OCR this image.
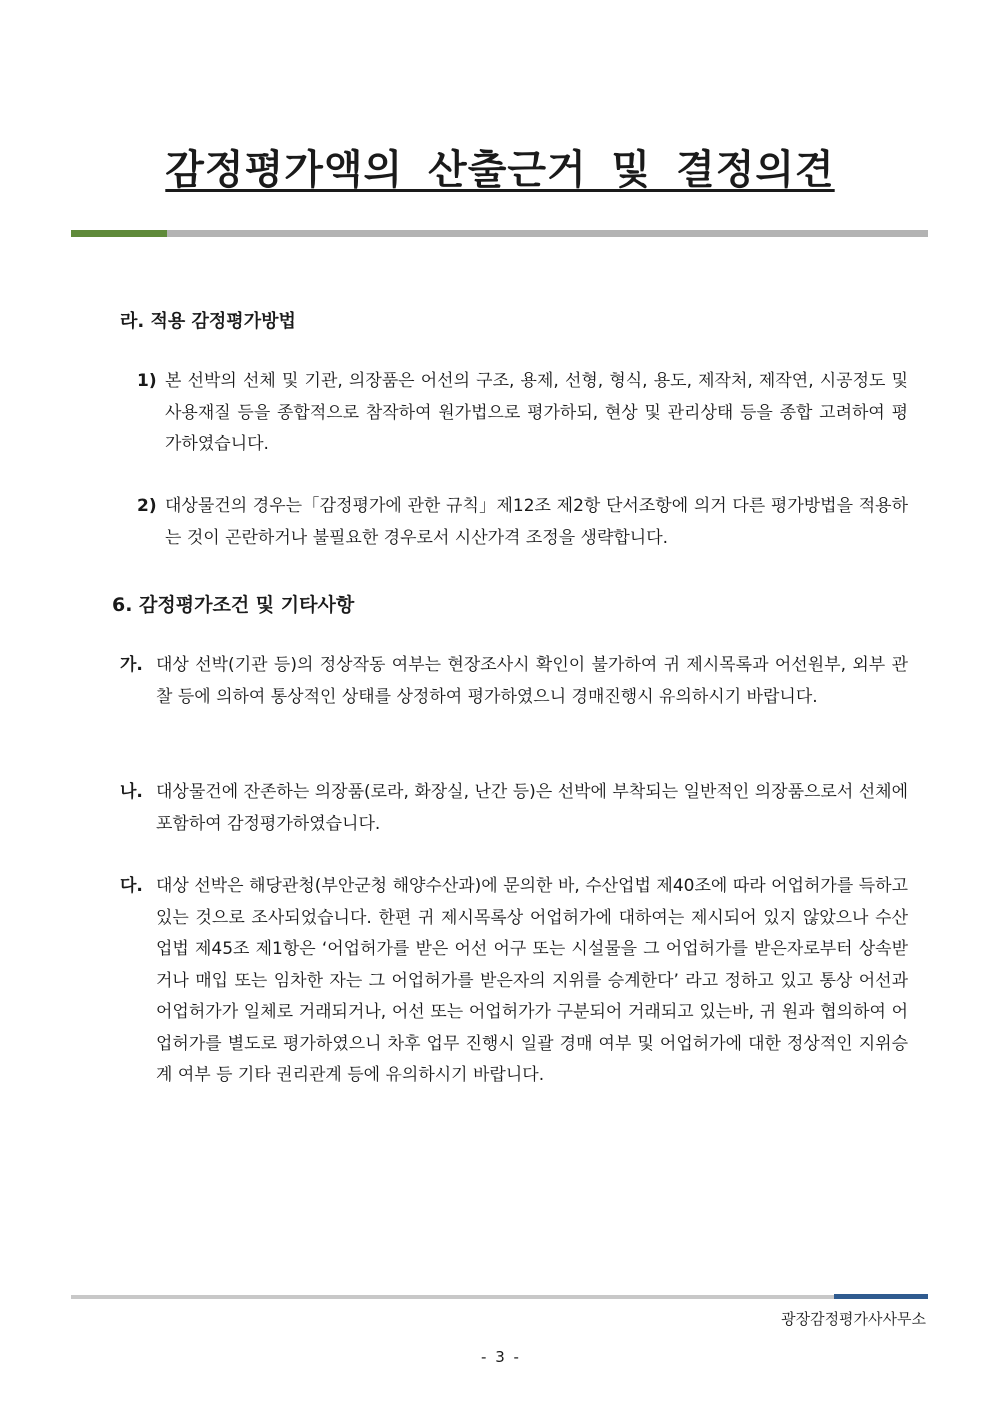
감정평가액의 산출근거 및 결정의견
라. 적용 감정평가방법
1) 본 선박의 선체 및 기관, 의장품은 어선의 구조, 용제, 선형, 형식, 용도, 제작처, 제작연, 시공정도 및 사용재질 등을 종합적으로 참작하여 원가법으로 평가하되, 현상 및 관리상태 등을 종합 고려하여 평가하였습니다.
2) 대상물건의 경우는「감정평가에 관한 규칙」제12조 제2항 단서조항에 의거 다른 평가방법을 적용하는 것이 곤란하거나 불필요한 경우로서 시산가격 조정을 생략합니다.
6. 감정평가조건 및 기타사항
가. 대상 선박(기관 등)의 정상작동 여부는 현장조사시 확인이 불가하여 귀 제시목록과 어선원부, 외부 관찰 등에 의하여 통상적인 상태를 상정하여 평가하였으니 경매진행시 유의하시기 바랍니다.
나. 대상물건에 잔존하는 의장품(로라, 화장실, 난간 등)은 선박에 부착되는 일반적인 의장품으로서 선체에 포함하여 감정평가하였습니다.
다. 대상 선박은 해당관청(부안군청 해양수산과)에 문의한 바, 수산업법 제40조에 따라 어업허가를 득하고 있는 것으로 조사되었습니다. 한편 귀 제시목록상 어업허가에 대하여는 제시되어 있지 않았으나 수산업법 제45조 제1항은 ‘어업허가를 받은 어선 어구 또는 시설물을 그 어업허가를 받은자로부터 상속받거나 매입 또는 임차한 자는 그 어업허가를 받은자의 지위를 승계한다’ 라고 정하고 있고 통상 어선과 어업허가가 일체로 거래되거나, 어선 또는 어업허가가 구분되어 거래되고 있는바, 귀 원과 협의하여 어업허가를 별도로 평가하였으니 차후 업무 진행시 일괄 경매 여부 및 어업허가에 대한 정상적인 지위승계 여부 등 기타 권리관계 등에 유의하시기 바랍니다.
광장감정평가사사무소
- 3 -
